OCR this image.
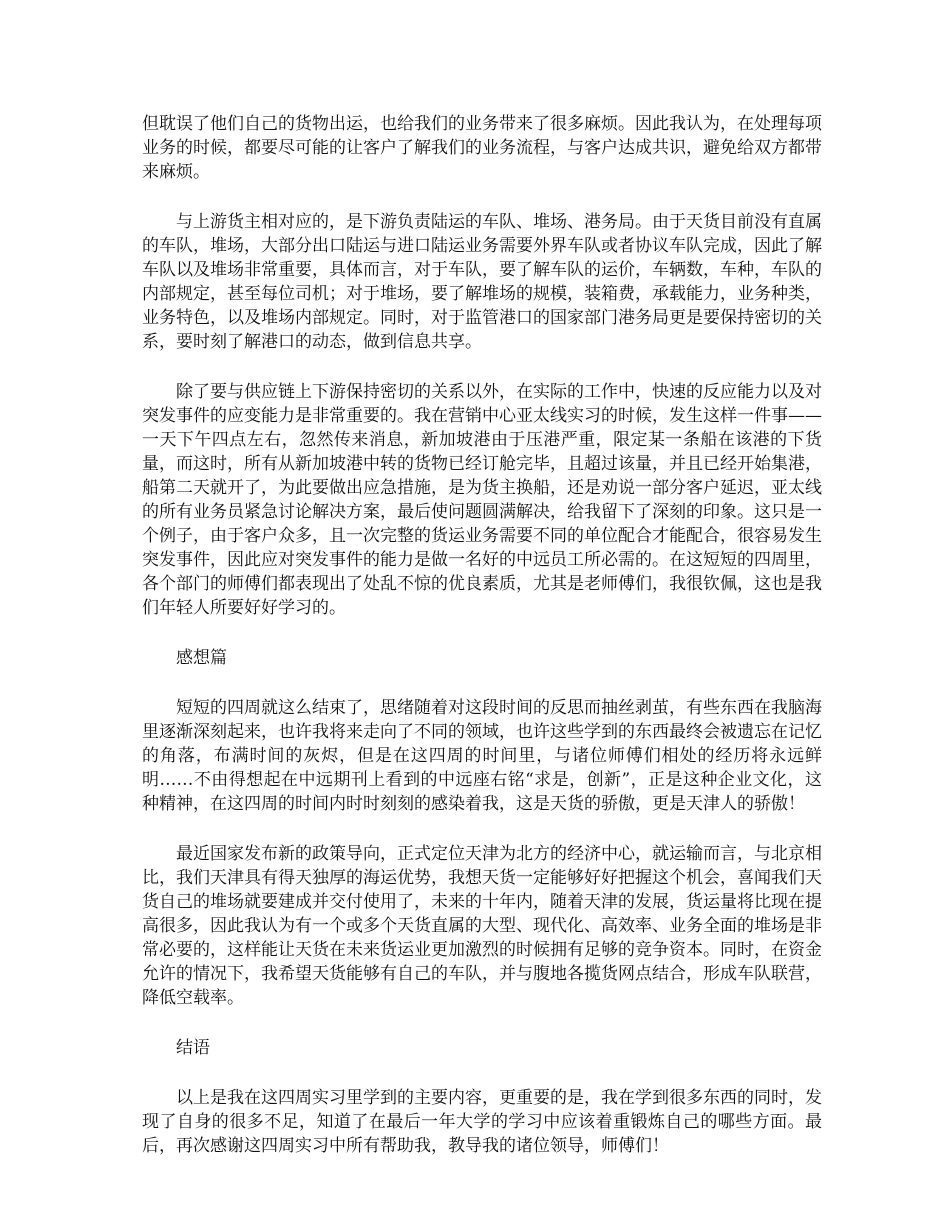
但耽误了他们自己的货物出运，也给我们的业务带来了很多麻烦。因此我认为，在处理每项业务的时候，都要尽可能的让客户了解我们的业务流程，与客户达成共识，避免给双方都带来麻烦。

与上游货主相对应的，是下游负责陆运的车队、堆场、港务局。由于天货目前没有直属的车队，堆场，大部分出口陆运与进口陆运业务需要外界车队或者协议车队完成，因此了解车队以及堆场非常重要，具体而言，对于车队，要了解车队的运价，车辆数，车种，车队的内部规定，甚至每位司机；对于堆场，要了解堆场的规模，装箱费，承载能力，业务种类，业务特色，以及堆场内部规定。同时，对于监管港口的国家部门港务局更是要保持密切的关系，要时刻了解港口的动态，做到信息共享。

除了要与供应链上下游保持密切的关系以外，在实际的工作中，快速的反应能力以及对突发事件的应变能力是非常重要的。我在营销中心亚太线实习的时候，发生这样一件事——一天下午四点左右，忽然传来消息，新加坡港由于压港严重，限定某一条船在该港的下货量，而这时，所有从新加坡港中转的货物已经订舱完毕，且超过该量，并且已经开始集港，船第二天就开了，为此要做出应急措施，是为货主换船，还是劝说一部分客户延迟，亚太线的所有业务员紧急讨论解决方案，最后使问题圆满解决，给我留下了深刻的印象。这只是一个例子，由于客户众多，且一次完整的货运业务需要不同的单位配合才能配合，很容易发生突发事件，因此应对突发事件的能力是做一名好的中远员工所必需的。在这短短的四周里，各个部门的师傅们都表现出了处乱不惊的优良素质，尤其是老师傅们，我很钦佩，这也是我们年轻人所要好好学习的。

感想篇

短短的四周就这么结束了，思绪随着对这段时间的反思而抽丝剥茧，有些东西在我脑海里逐渐深刻起来，也许我将来走向了不同的领域，也许这些学到的东西最终会被遗忘在记忆的角落，布满时间的灰烬，但是在这四周的时间里，与诸位师傅们相处的经历将永远鲜明……不由得想起在中远期刊上看到的中远座右铭“求是，创新”，正是这种企业文化，这种精神，在这四周的时间内时时刻刻的感染着我，这是天货的骄傲，更是天津人的骄傲！

最近国家发布新的政策导向，正式定位天津为北方的经济中心，就运输而言，与北京相比，我们天津具有得天独厚的海运优势，我想天货一定能够好好把握这个机会，喜闻我们天货自己的堆场就要建成并交付使用了，未来的十年内，随着天津的发展，货运量将比现在提高很多，因此我认为有一个或多个天货直属的大型、现代化、高效率、业务全面的堆场是非常必要的，这样能让天货在未来货运业更加激烈的时候拥有足够的竞争资本。同时，在资金允许的情况下，我希望天货能够有自己的车队，并与腹地各揽货网点结合，形成车队联营，降低空载率。

结语

以上是我在这四周实习里学到的主要内容，更重要的是，我在学到很多东西的同时，发现了自身的很多不足，知道了在最后一年大学的学习中应该着重锻炼自己的哪些方面。最后，再次感谢这四周实习中所有帮助我，教导我的诸位领导，师傅们！
